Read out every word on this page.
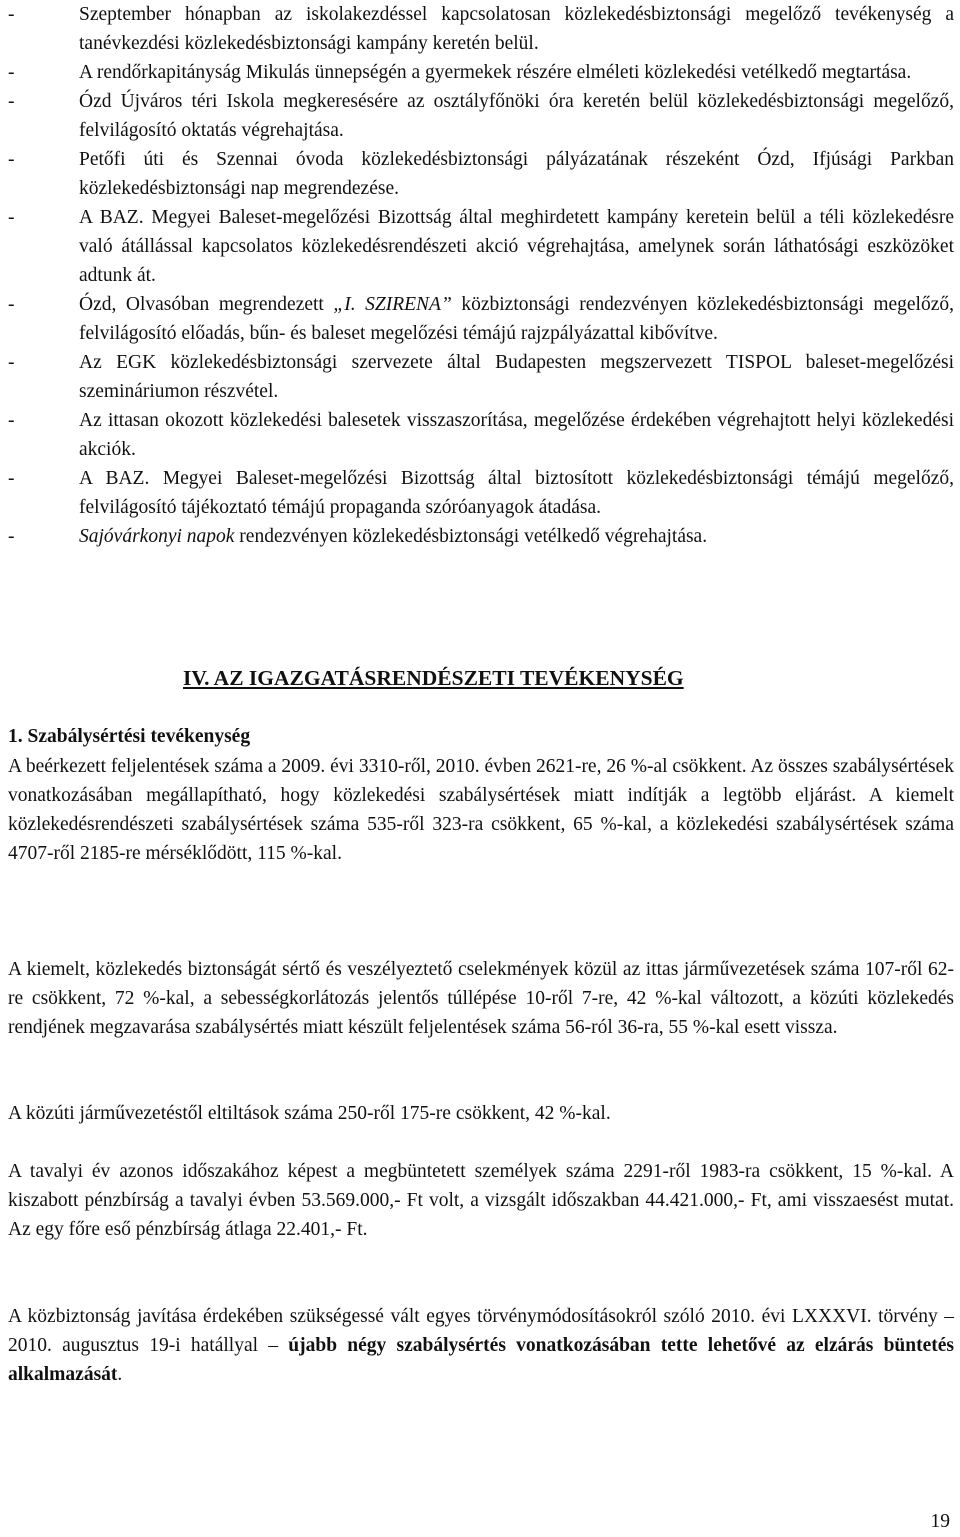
-	Szeptember hónapban az iskolakezdéssel kapcsolatosan közlekedésbiztonsági megelőző tevékenység a tanévkezdési közlekedésbiztonsági kampány keretén belül.
-	A rendőrkapitányság Mikulás ünnepségén a gyermekek részére elméleti közlekedési vetélkedő megtartása.
-	Ózd Újváros téri Iskola megkeresésére az osztályfőnöki óra keretén belül közlekedésbiztonsági megelőző, felvilágosító oktatás végrehajtása.
-	Petőfi úti és Szennai óvoda közlekedésbiztonsági pályázatának részeként Ózd, Ifjúsági Parkban közlekedésbiztonsági nap megrendezése.
-	A BAZ. Megyei Baleset-megelőzési Bizottság által meghirdetett kampány keretein belül a téli közlekedésre való átállással kapcsolatos közlekedésrendészeti akció végrehajtása, amelynek során láthatósági eszközöket adtunk át.
-	Ózd, Olvasóban megrendezett „I. SZIRENA” közbiztonsági rendezvényen közlekedésbiztonsági megelőző, felvilágosító előadás, bűn- és baleset megelőzési témájú rajzpályázattal kibővítve.
-	Az EGK közlekedésbiztonsági szervezete által Budapesten megszervezett TISPOL baleset-megelőzési szemináriumon részvétel.
-	Az ittasan okozott közlekedési balesetek visszaszorítása, megelőzése érdekében végrehajtott helyi közlekedési akciók.
-	A BAZ. Megyei Baleset-megelőzési Bizottság által biztosított közlekedésbiztonsági témájú megelőző, felvilágosító tájékoztató témájú propaganda szóróanyagok átadása.
-	Sajóvárkonyi napok rendezvényen közlekedésbiztonsági vetélkedő végrehajtása.
IV. AZ IGAZGATÁSRENDÉSZETI TEVÉKENYSÉG
1. Szabálysértési tevékenység

A beérkezett feljelentések száma a 2009. évi 3310-ről, 2010. évben 2621-re, 26 %-al csökkent. Az összes szabálysértések vonatkozásában megállapítható, hogy közlekedési szabálysértések miatt indítják a legtöbb eljárást. A kiemelt közlekedésrendészeti szabálysértések száma 535-ről 323-ra csökkent, 65 %-kal, a közlekedési szabálysértések száma 4707-ről 2185-re mérséklődött, 115 %-kal.

A kiemelt, közlekedés biztonságát sértő és veszélyeztető cselekmények közül az ittas járművezetések száma 107-ről 62-re csökkent, 72 %-kal, a sebességkorlátozás jelentős túllépése 10-ről 7-re, 42 %-kal változott, a közúti közlekedés rendjének megzavarása szabálysértés miatt készült feljelentések száma 56-ról 36-ra, 55 %-kal esett vissza.

A közúti járművezetéstől eltiltások száma 250-ről 175-re csökkent, 42 %-kal.

A tavalyi év azonos időszakához képest a megbüntetett személyek száma 2291-ről 1983-ra csökkent, 15 %-kal. A kiszabott pénzbírság a tavalyi évben 53.569.000,- Ft volt, a vizsgált időszakban 44.421.000,- Ft, ami visszaesést mutat. Az egy főre eső pénzbírság átlaga 22.401,- Ft.

A közbiztonság javítása érdekében szükségessé vált egyes törvénymódosításokról szóló 2010. évi LXXXVI. törvény – 2010. augusztus 19-i hatállyal – újabb négy szabálysértés vonatkozásában tette lehetővé az elzárás büntetés alkalmazását.

19
